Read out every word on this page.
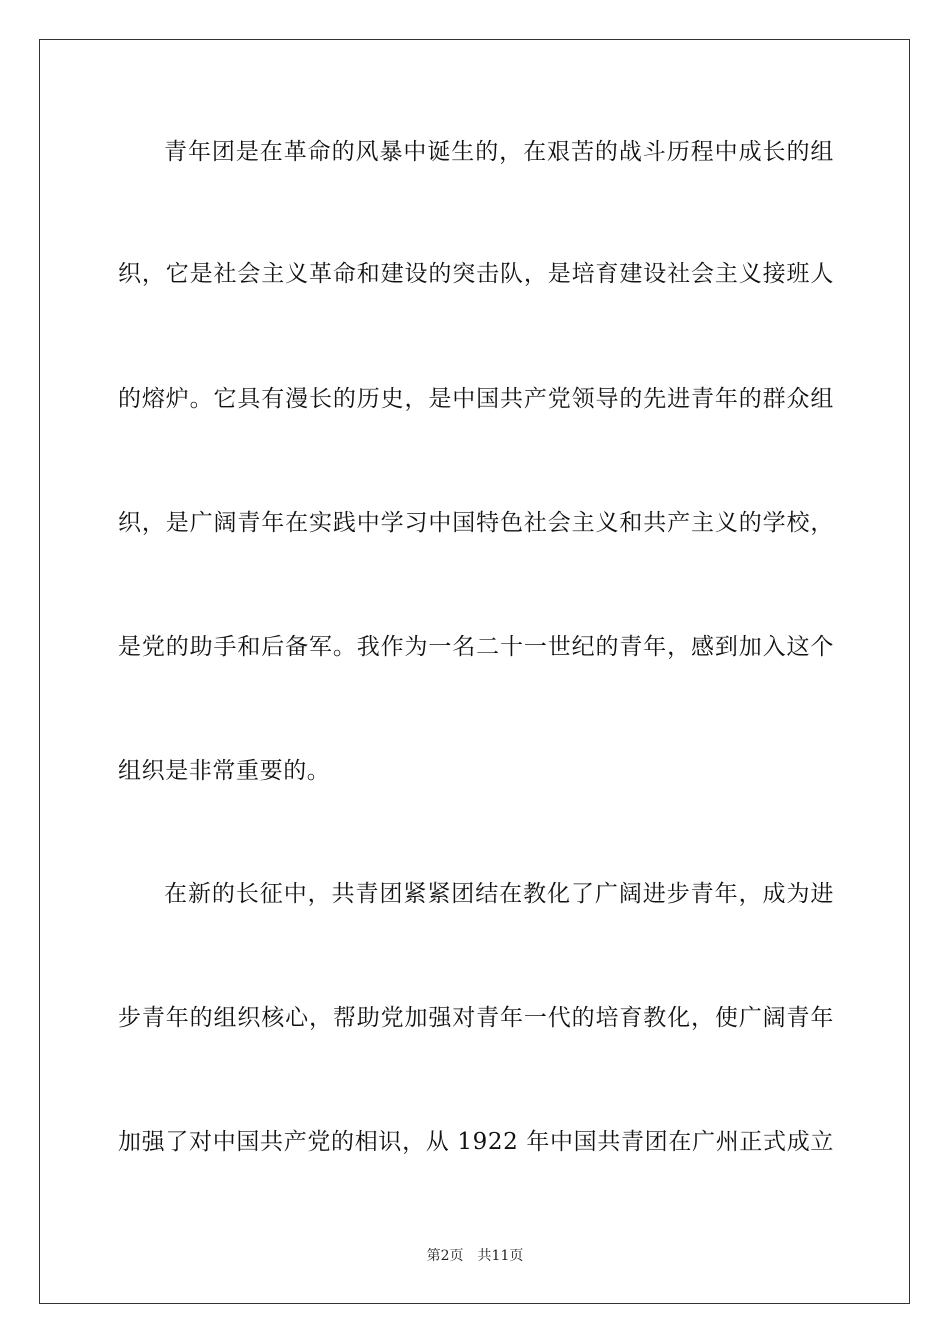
青年团是在革命的风暴中诞生的，在艰苦的战斗历程中成长的组
织，它是社会主义革命和建设的突击队，是培育建设社会主义接班人
的熔炉。它具有漫长的历史，是中国共产党领导的先进青年的群众组
织，是广阔青年在实践中学习中国特色社会主义和共产主义的学校，
是党的助手和后备军。我作为一名二十一世纪的青年，感到加入这个
组织是非常重要的。
在新的长征中，共青团紧紧团结在教化了广阔进步青年，成为进
步青年的组织核心，帮助党加强对青年一代的培育教化，使广阔青年
加强了对中国共产党的相识，从 1922 年中国共青团在广州正式成立
第2页 共11页
